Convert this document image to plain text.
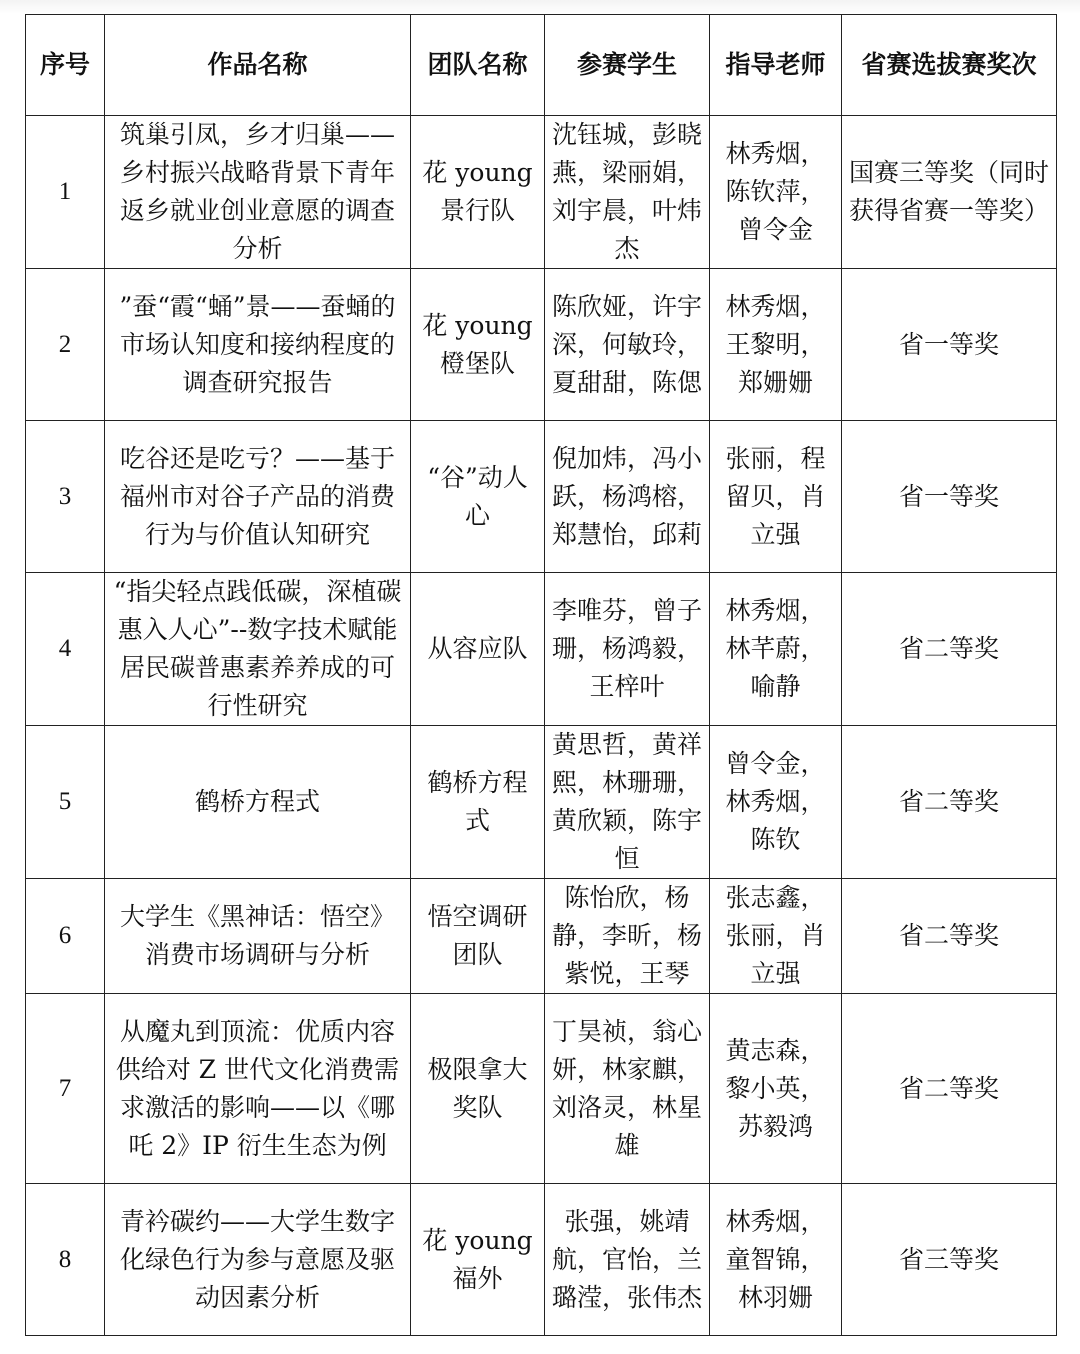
序号	作品名称	团队名称	参赛学生	指导老师	省赛选拔赛奖次
1	筑巢引凤，乡才归巢——乡村振兴战略背景下青年返乡就业创业意愿的调查分析	花 young 景行队	沈钰城，彭晓燕，梁丽娟，刘宇晨，叶炜杰	林秀烟，陈钦萍，曾令金	国赛三等奖（同时获得省赛一等奖）
2	”蚕“霞“蛹”景——蚕蛹的市场认知度和接纳程度的调查研究报告	花 young 橙堡队	陈欣娅，许宇深，何敏玲，夏甜甜，陈偲	林秀烟，王黎明，郑姗姗	省一等奖
3	吃谷还是吃亏？——基于福州市对谷子产品的消费行为与价值认知研究	“谷”动人心	倪加炜，冯小跃，杨鸿榕，郑慧怡，邱莉	张丽，程留贝，肖立强	省一等奖
4	“指尖轻点践低碳，深植碳惠入人心”--数字技术赋能居民碳普惠素养养成的可行性研究	从容应队	李唯芬，曾子珊，杨鸿毅，王梓叶	林秀烟，林芊蔚，喻静	省二等奖
5	鹤桥方程式	鹤桥方程式	黄思哲，黄祥熙，林珊珊，黄欣颖，陈宇恒	曾令金，林秀烟，陈钦	省二等奖
6	大学生《黑神话：悟空》消费市场调研与分析	悟空调研团队	陈怡欣，杨静，李昕，杨紫悦，王琴	张志鑫，张丽，肖立强	省二等奖
7	从魔丸到顶流：优质内容供给对 Z 世代文化消费需求激活的影响——以《哪吒 2》IP 衍生生态为例	极限拿大奖队	丁昊祯，翁心妍，林家麒，刘洛灵，林星雄	黄志森，黎小英，苏毅鸿	省二等奖
8	青衿碳约——大学生数字化绿色行为参与意愿及驱动因素分析	花 young 福外	张强，姚靖航，官怡，兰璐滢，张伟杰	林秀烟，童智锦，林羽姗	省三等奖
